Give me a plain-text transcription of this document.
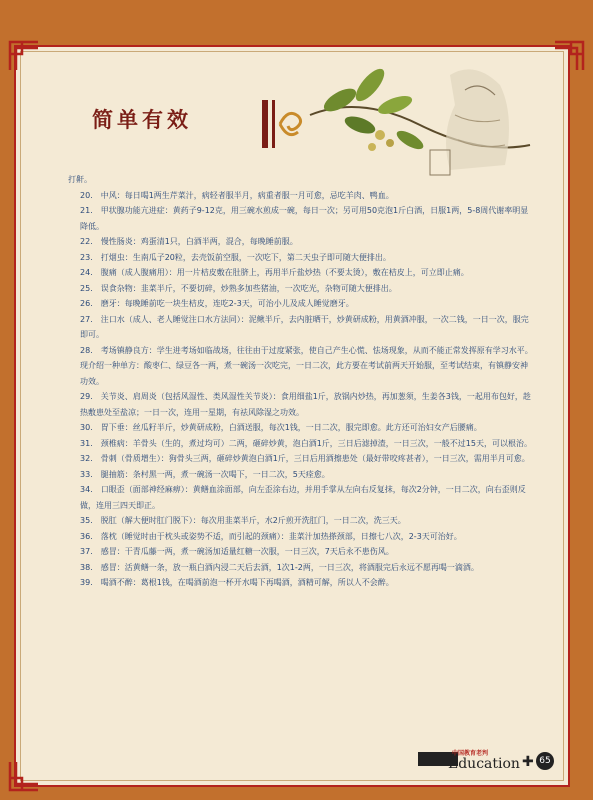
简单有效

打鼾。

20.　中风：每日喝1两生芹菜汁，病轻者服半月，病重者服一月可愈，忌吃羊肉、鸭血。

21.　甲状腺功能亢进症：黄药子9-12克，用三碗水煎成一碗，每日一次；另可用50克泡1斤白酒，日服1两，5-8周代谢率明显降低。

22.　慢性肠炎：鸡蛋清1只，白酒半两，混合，每晚睡前服。

23.　打烟虫：生南瓜子20粒，去壳饭前空服，一次吃下，第二天虫子即可随大便排出。

24.　腹痛（成人腹痛用）：用一片桔皮敷在肚脐上，再用半斤盐炒热（不要太烫），敷在桔皮上，可立即止痛。

25.　误食杂物：韭菜半斤，不要切碎，炒熟多加些猪油，一次吃光，杂物可随大便排出。

26.　磨牙：每晚睡前吃一块生桔皮，连吃2-3天，可治小儿及成人睡觉磨牙。

27.　注口水（成人、老人睡觉注口水方法同）：泥鳅半斤，去内脏晒干，炒黄研成粉，用黄酒冲服，一次二钱，一日一次，服完即可。

28.　考场镇静良方：学生进考场如临战场，往往由于过度紧张，使自己产生心慌、怯场现象，从而不能正常发挥原有学习水平。现介绍一种单方：酸枣仁、绿豆各一两，煮一碗汤一次吃完，一日二次，此方要在考试前两天开始服，至考试结束，有镇静安神功效。

29.　关节炎、肩周炎（包括风湿性、类风湿性关节炎）：食用细盐1斤，放锅内炒热，再加葱须，生姜各3钱，一起用布包好，趁热敷患处至盐凉；一日一次，连用一星期，有祛风除湿之功效。

30.　胃下垂：丝瓜籽半斤，炒黄研成粉，白酒送服，每次1钱，一日二次，服完即愈。此方还可治妇女产后腰痛。

31.　颈椎病：羊骨头（生的，煮过均可）二两，砸碎炒黄，泡白酒1斤，三日后滤掉渣，一日三次，一般不过15天，可以根治。

32.　骨刺（骨质增生）：狗骨头三两，砸碎炒黄泡白酒1斤，三日后用酒擦患处（最好带咬疼甚者），一日三次，需用半月可愈。

33.　腿抽筋：条村黑一两，煮一碗汤一次喝下，一日二次，5天痊愈。

34.　口眼歪（面部神经麻痹）：黄鳝血涂面部，向左歪涂右边，并用手掌从左向右反复抹，每次2分钟，一日二次，向右歪则反做，连用三四天即正。

35.　脱肛（解大便时肛门脱下）：每次用韭菜半斤，水2斤煎开洗肛门，一日二次，洗三天。

36.　落枕（睡觉时由于枕头或姿势不适，而引起的颈痛）：韭菜汁加热搽颈部，日擦七八次，2-3天可治好。

37.　感冒：干青瓜藤一两，煮一碗汤加适量红糖一次服，一日三次，7天后永不患伤风。

38.　感冒：活黄鳝一条，放一瓶白酒内浸二天后去酒，1次1-2两，一日三次，将酒服完后永远不愿再喝一滴酒。

39.　喝酒不醉：葛根1钱，在喝酒前泡一杯开水喝下再喝酒，酒精可解，所以人不会醉。

中国教育老判
Education ✚ 65
